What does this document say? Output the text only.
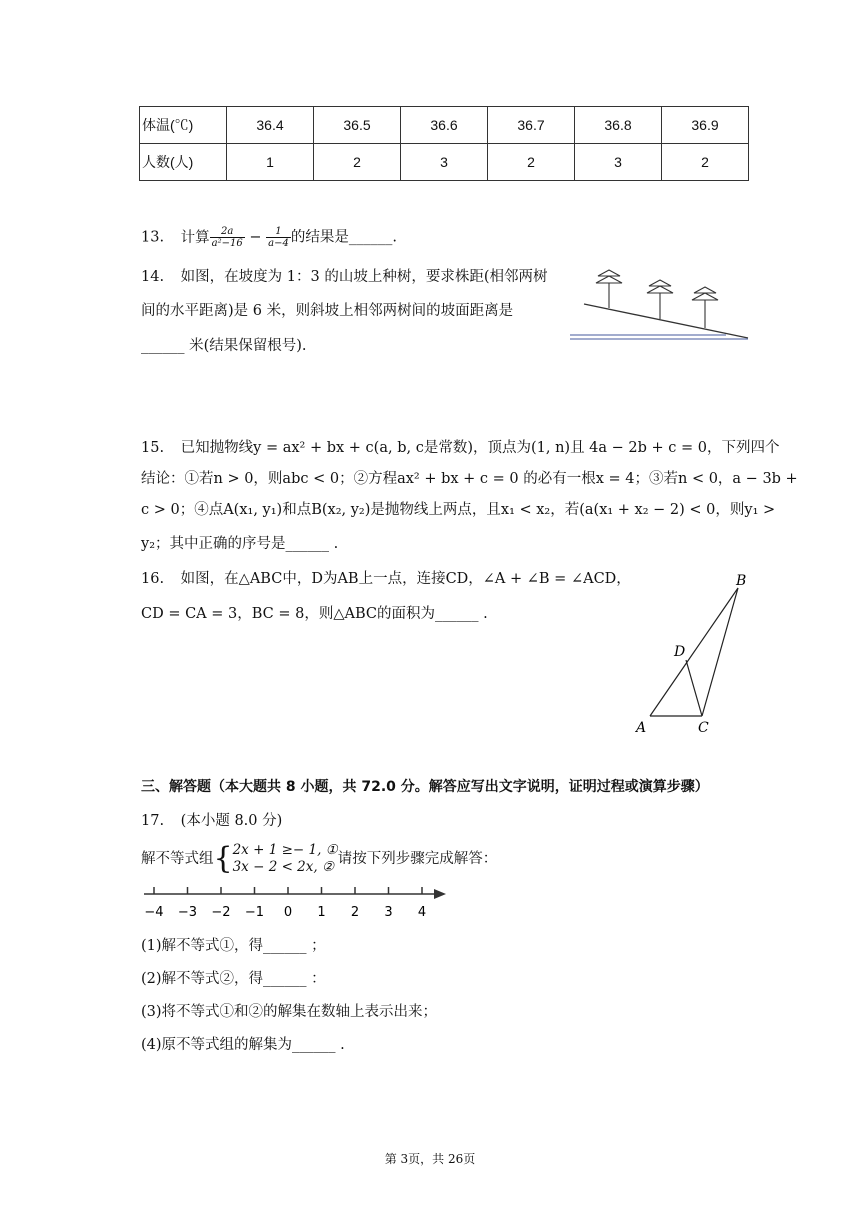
体温(℃)	36.4	36.5	36.6	36.7	36.8	36.9
人数(人)	1	2	3	2	3	2
13. 计算 $\frac{2a}{\text{a²−16}} - \frac{1}{a-4}$ 的结果是______.
14. 如图，在坡度为 1：3 的山坡上种树，要求株距(相邻两树
间的水平距离)是 6 米，则斜坡上相邻两树间的坡面距离是
______ 米(结果保留根号).
15. 已知抛物线y = ax² + bx + c(a, b, c是常数)，顶点为(1, n)且 4a − 2b + c = 0，下列四个
结论：①若n > 0，则abc < 0；②方程ax² + bx + c = 0 的必有一根x = 4；③若n < 0，a − 3b +
c > 0；④点A(x₁, y₁)和点B(x₂, y₂)是抛物线上两点，且x₁ < x₂，若(a(x₁ + x₂ − 2) < 0，则y₁ >
y₂；其中正确的序号是______ .
16. 如图，在△ABC中，D为AB上一点，连接CD，∠A + ∠B = ∠ACD，
CD = CA = 3，BC = 8，则△ABC的面积为______ .
B
D
A	C
三、解答题（本大题共 8 小题，共 72.0 分。解答应写出文字说明，证明过程或演算步骤）
17. (本小题 8.0 分)
解不等式组{ 2x + 1 ≥− 1, ①
3x − 2 < 2x, ② 请按下列步骤完成解答：
−4 −3 −2 −1 0 1 2 3 4
(1)解不等式①，得______ ；
(2)解不等式②，得______ ：
(3)将不等式①和②的解集在数轴上表示出来；
(4)原不等式组的解集为______ .
第 3页，共 26页
